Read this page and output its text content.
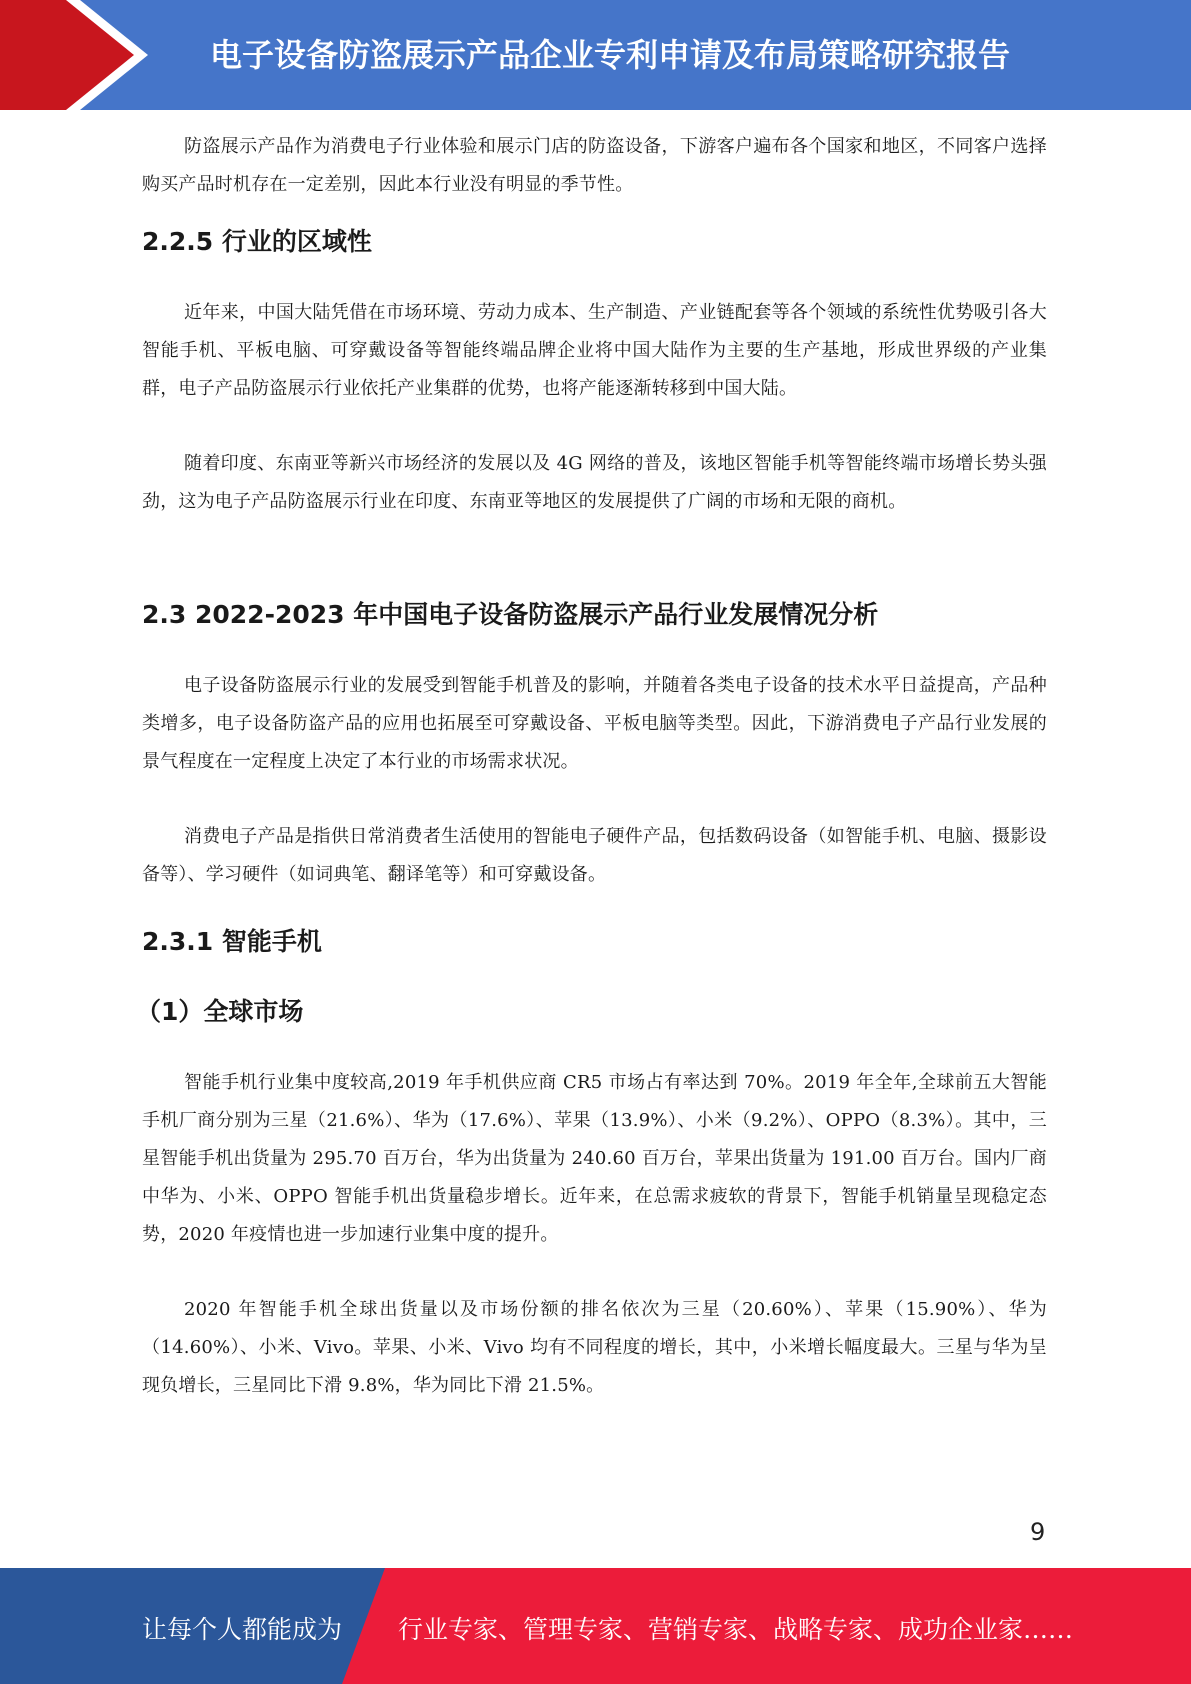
电子设备防盗展示产品企业专利申请及布局策略研究报告

防盗展示产品作为消费电子行业体验和展示门店的防盗设备，下游客户遍布各个国家和地区，不同客户选择购买产品时机存在一定差别，因此本行业没有明显的季节性。

2.2.5 行业的区域性

近年来，中国大陆凭借在市场环境、劳动力成本、生产制造、产业链配套等各个领域的系统性优势吸引各大智能手机、平板电脑、可穿戴设备等智能终端品牌企业将中国大陆作为主要的生产基地，形成世界级的产业集群，电子产品防盗展示行业依托产业集群的优势，也将产能逐渐转移到中国大陆。

随着印度、东南亚等新兴市场经济的发展以及 4G 网络的普及，该地区智能手机等智能终端市场增长势头强劲，这为电子产品防盗展示行业在印度、东南亚等地区的发展提供了广阔的市场和无限的商机。

2.3 2022-2023 年中国电子设备防盗展示产品行业发展情况分析

电子设备防盗展示行业的发展受到智能手机普及的影响，并随着各类电子设备的技术水平日益提高，产品种类增多，电子设备防盗产品的应用也拓展至可穿戴设备、平板电脑等类型。因此，下游消费电子产品行业发展的景气程度在一定程度上决定了本行业的市场需求状况。

消费电子产品是指供日常消费者生活使用的智能电子硬件产品，包括数码设备（如智能手机、电脑、摄影设备等）、学习硬件（如词典笔、翻译笔等）和可穿戴设备。

2.3.1 智能手机
（1）全球市场

智能手机行业集中度较高,2019 年手机供应商 CR5 市场占有率达到 70%。2019 年全年,全球前五大智能手机厂商分别为三星（21.6%）、华为（17.6%）、苹果（13.9%）、小米（9.2%）、OPPO（8.3%）。其中，三星智能手机出货量为 295.70 百万台，华为出货量为 240.60 百万台，苹果出货量为 191.00 百万台。国内厂商中华为、小米、OPPO 智能手机出货量稳步增长。近年来，在总需求疲软的背景下，智能手机销量呈现稳定态势，2020 年疫情也进一步加速行业集中度的提升。

2020 年智能手机全球出货量以及市场份额的排名依次为三星（20.60%）、苹果（15.90%）、华为（14.60%）、小米、Vivo。苹果、小米、Vivo 均有不同程度的增长，其中，小米增长幅度最大。三星与华为呈现负增长，三星同比下滑 9.8%，华为同比下滑 21.5%。

9
让每个人都能成为 行业专家、管理专家、营销专家、战略专家、成功企业家……
